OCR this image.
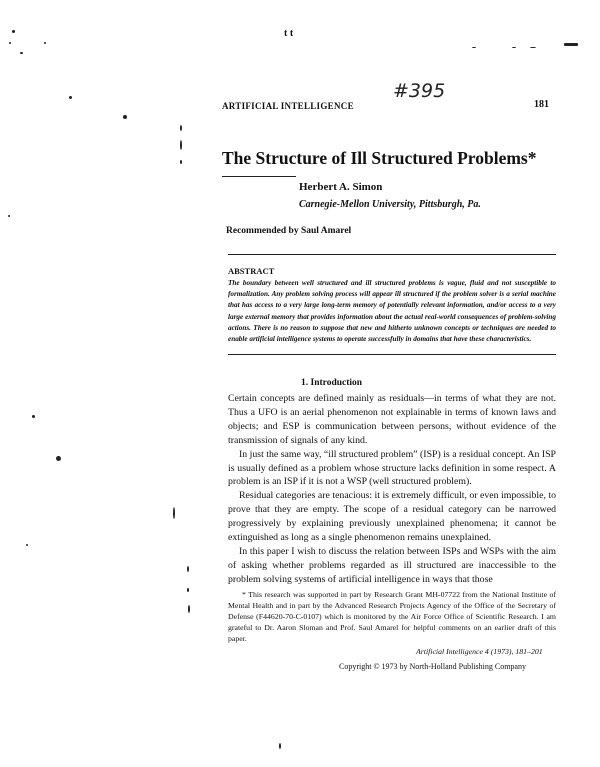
t t
ARTIFICIAL INTELLIGENCE
#395
181
The Structure of Ill Structured Problems*
Herbert A. Simon
Carnegie-Mellon University, Pittsburgh, Pa.
Recommended by Saul Amarel
ABSTRACT
The boundary between well structured and ill structured problems is vague, fluid and not susceptible to formalization. Any problem solving process will appear ill structured if the problem solver is a serial machine that has access to a very large long-term memory of potentially relevant information, and/or access to a very large external memory that provides information about the actual real-world consequences of problem-solving actions. There is no reason to suppose that new and hitherto unknown concepts or techniques are needed to enable artificial intelligence systems to operate successfully in domains that have these characteristics.
1. Introduction

Certain concepts are defined mainly as residuals—in terms of what they are not. Thus a UFO is an aerial phenomenon not explainable in terms of known laws and objects; and ESP is communication between persons, without evidence of the transmission of signals of any kind.

In just the same way, “ill structured problem” (ISP) is a residual concept. An ISP is usually defined as a problem whose structure lacks definition in some respect. A problem is an ISP if it is not a WSP (well structured problem).

Residual categories are tenacious: it is extremely difficult, or even impossible, to prove that they are empty. The scope of a residual category can be narrowed progressively by explaining previously unexplained phenomena; it cannot be extinguished as long as a single phenomenon remains unexplained.

In this paper I wish to discuss the relation between ISPs and WSPs with the aim of asking whether problems regarded as ill structured are inaccessible to the problem solving systems of artificial intelligence in ways that those

* This research was supported in part by Research Grant MH-07722 from the National Institute of Mental Health and in part by the Advanced Research Projects Agency of the Office of the Secretary of Defense (F44620-70-C-0107) which is monitored by the Air Force Office of Scientific Research. I am grateful to Dr. Aaron Sloman and Prof. Saul Amarel for helpful comments on an earlier draft of this paper.
Artificial Intelligence 4 (1973), 181–201
Copyright © 1973 by North-Holland Publishing Company
